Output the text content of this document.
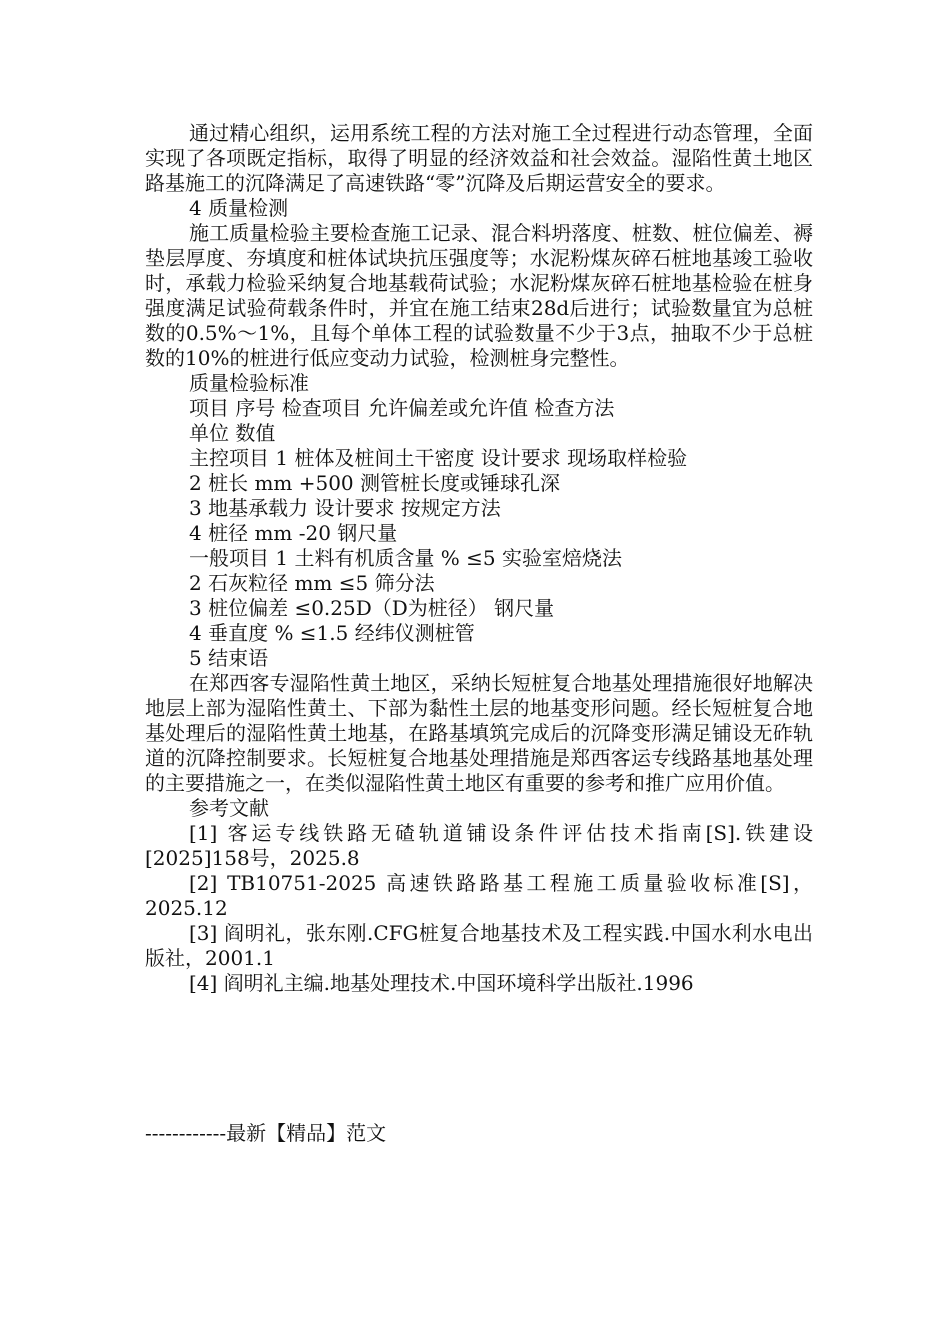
通过精心组织，运用系统工程的方法对施工全过程进行动态管理，全面实现了各项既定指标，取得了明显的经济效益和社会效益。湿陷性黄土地区路基施工的沉降满足了高速铁路“零”沉降及后期运营安全的要求。

4 质量检测

施工质量检验主要检查施工记录、混合料坍落度、桩数、桩位偏差、褥垫层厚度、夯填度和桩体试块抗压强度等；水泥粉煤灰碎石桩地基竣工验收时，承载力检验采纳复合地基载荷试验；水泥粉煤灰碎石桩地基检验在桩身强度满足试验荷载条件时，并宜在施工结束28d后进行；试验数量宜为总桩数的0.5%～1%，且每个单体工程的试验数量不少于3点，抽取不少于总桩数的10%的桩进行低应变动力试验，检测桩身完整性。

质量检验标准

项目 序号 检查项目 允许偏差或允许值 检查方法

单位 数值

主控项目 1 桩体及桩间土干密度 设计要求 现场取样检验

2 桩长 mm +500 测管桩长度或锤球孔深

3 地基承载力 设计要求 按规定方法

4 桩径 mm -20 钢尺量

一般项目 1 土料有机质含量 % ≤5 实验室焙烧法

2 石灰粒径 mm ≤5 筛分法

3 桩位偏差 ≤0.25D（D为桩径） 钢尺量

4 垂直度 % ≤1.5 经纬仪测桩管

5 结束语

在郑西客专湿陷性黄土地区，采纳长短桩复合地基处理措施很好地解决地层上部为湿陷性黄土、下部为黏性土层的地基变形问题。经长短桩复合地基处理后的湿陷性黄土地基，在路基填筑完成后的沉降变形满足铺设无砟轨道的沉降控制要求。长短桩复合地基处理措施是郑西客运专线路基地基处理的主要措施之一，在类似湿陷性黄土地区有重要的参考和推广应用价值。

参考文献

[1] 客运专线铁路无碴轨道铺设条件评估技术指南[S].铁建设[2025]158号，2025.8

[2] TB10751-2025 高速铁路路基工程施工质量验收标准[S]，2025.12

[3] 阎明礼，张东刚.CFG桩复合地基技术及工程实践.中国水利水电出版社，2001.1

[4] 阎明礼主编.地基处理技术.中国环境科学出版社.1996

------------最新【精品】范文
